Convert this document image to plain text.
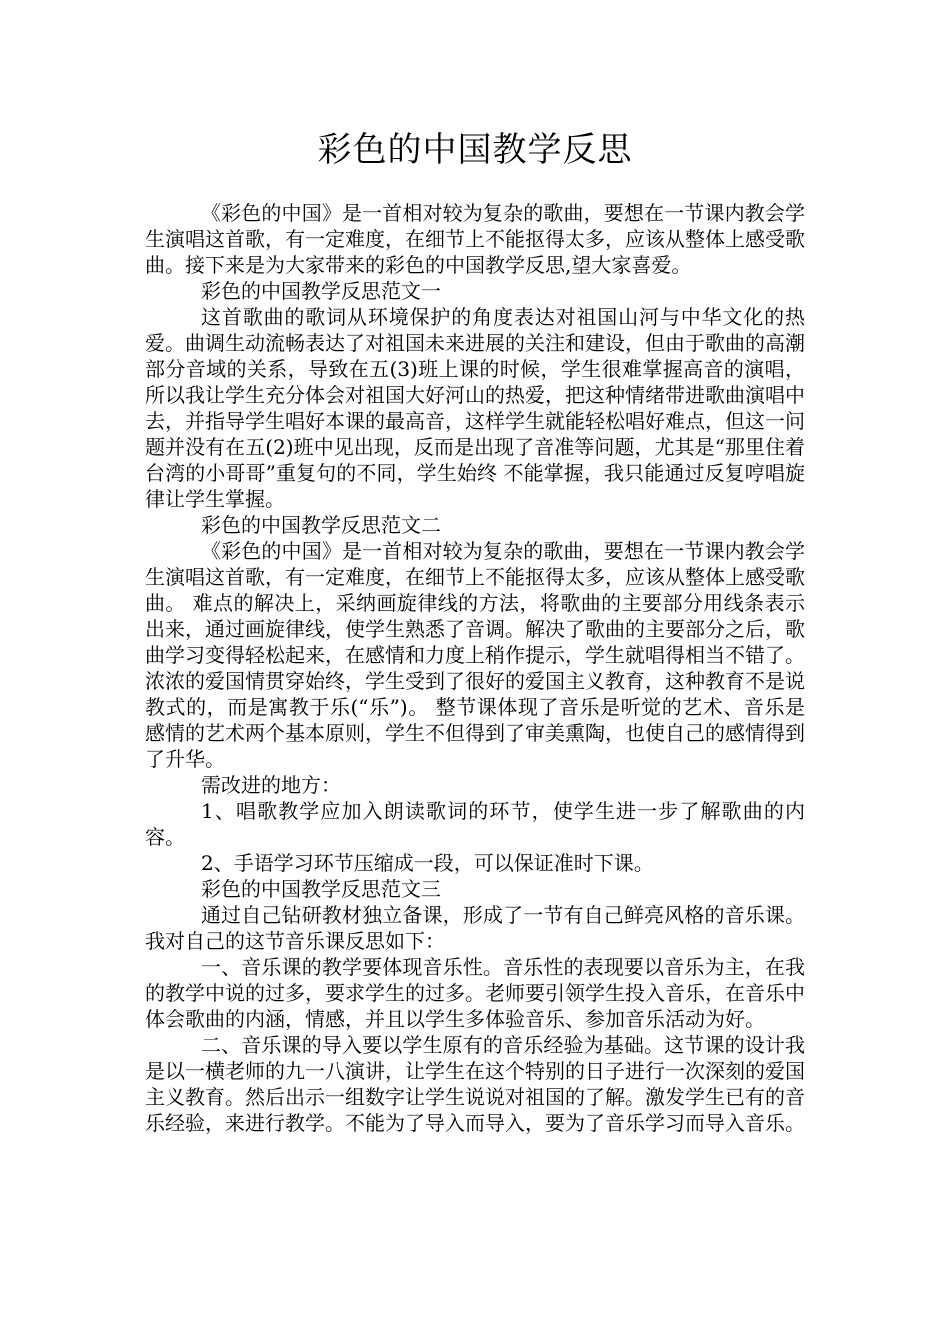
彩色的中国教学反思

《彩色的中国》是一首相对较为复杂的歌曲，要想在一节课内教会学生演唱这首歌，有一定难度，在细节上不能抠得太多，应该从整体上感受歌曲。接下来是为大家带来的彩色的中国教学反思,望大家喜爱。

彩色的中国教学反思范文一

这首歌曲的歌词从环境保护的角度表达对祖国山河与中华文化的热爱。曲调生动流畅表达了对祖国未来进展的关注和建设，但由于歌曲的高潮部分音域的关系，导致在五(3)班上课的时候，学生很难掌握高音的演唱，所以我让学生充分体会对祖国大好河山的热爱，把这种情绪带进歌曲演唱中去，并指导学生唱好本课的最高音，这样学生就能轻松唱好难点，但这一问题并没有在五(2)班中见出现，反而是出现了音准等问题，尤其是“那里住着台湾的小哥哥”重复句的不同，学生始终 不能掌握，我只能通过反复哼唱旋律让学生掌握。

彩色的中国教学反思范文二

《彩色的中国》是一首相对较为复杂的歌曲，要想在一节课内教会学生演唱这首歌，有一定难度，在细节上不能抠得太多，应该从整体上感受歌曲。 难点的解决上，采纳画旋律线的方法，将歌曲的主要部分用线条表示出来，通过画旋律线，使学生熟悉了音调。解决了歌曲的主要部分之后，歌曲学习变得轻松起来，在感情和力度上稍作提示，学生就唱得相当不错了。 浓浓的爱国情贯穿始终，学生受到了很好的爱国主义教育，这种教育不是说教式的，而是寓教于乐(“乐”)。 整节课体现了音乐是听觉的艺术、音乐是感情的艺术两个基本原则，学生不但得到了审美熏陶，也使自己的感情得到了升华。

需改进的地方：

1、唱歌教学应加入朗读歌词的环节，使学生进一步了解歌曲的内容。

2、手语学习环节压缩成一段，可以保证准时下课。

彩色的中国教学反思范文三

通过自己钻研教材独立备课，形成了一节有自己鲜亮风格的音乐课。我对自己的这节音乐课反思如下：

一、音乐课的教学要体现音乐性。音乐性的表现要以音乐为主，在我的教学中说的过多，要求学生的过多。老师要引领学生投入音乐，在音乐中体会歌曲的内涵，情感，并且以学生多体验音乐、参加音乐活动为好。

二、音乐课的导入要以学生原有的音乐经验为基础。这节课的设计我是以一横老师的九一八演讲，让学生在这个特别的日子进行一次深刻的爱国主义教育。然后出示一组数字让学生说说对祖国的了解。激发学生已有的音乐经验，来进行教学。不能为了导入而导入，要为了音乐学习而导入音乐。
